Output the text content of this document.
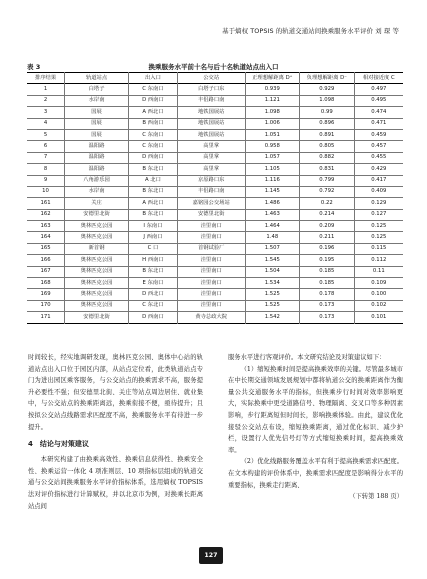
基于熵权 TOPSIS 的轨道交通站间换乘服务水平评价 刘 琛 等
表 3	换乘服务水平前十名与后十名轨道站点出入口
排序结果	轨道站点	出入口	公交站	正理想解距离 D⁺	负理想解距离 D⁻	相对接近度 C
1	白塔子	C 东南口	白塔子口东	0.939	0.929	0.497
2	水岸南	D 西南口	丰侣路口南	1.121	1.098	0.495
3	国展	A 西北口	地铁国展站	1.098	0.99	0.474
4	国展	B 西南口	地铁国展站	1.006	0.896	0.471
5	国展	C 东南口	地铁国展站	1.051	0.891	0.459
6	温阳路	C 东南口	高里掌	0.958	0.805	0.457
7	温阳路	D 西南口	高里掌	1.057	0.882	0.455
8	温阳路	B 东北口	高里掌	1.105	0.831	0.429
9	八角游乐园	A 北口	京原路口东	1.116	0.799	0.417
10	水岸南	B 东北口	丰侣路口南	1.145	0.792	0.409
161	关庄	A 西北口	嘉铭园公交场站	1.486	0.22	0.129
162	安德里北街	B 东北口	安德里北街	1.463	0.214	0.127
163	奥林匹克公园	I 东南口	洼里南口	1.464	0.209	0.125
164	奥林匹克公园	J 西南口	洼里南口	1.48	0.211	0.125
165	新首钢	C 口	首钢试验厂	1.507	0.196	0.115
166	奥林匹克公园	H 西南口	洼里南口	1.545	0.195	0.112
167	奥林匹克公园	B 东北口	洼里南口	1.504	0.185	0.11
168	奥林匹克公园	E 东南口	洼里南口	1.534	0.185	0.109
169	奥林匹克公园	D 西北口	洼里南口	1.525	0.178	0.100
170	奥林匹克公园	C 东北口	洼里南口	1.525	0.173	0.102
171	安德里北街	D 西南口	黄寺总政大院	1.542	0.173	0.101

时间较长，经实地调研发现，奥林匹克公园、奥体中心站的轨道站点出入口位于园区内部，从站点定位看，此类轨道站点专门为进出园区乘客服务，与公交站点的换乘需求不高，服务提升必要性不强；但安德里北街、关庄等站点周边居住、就业集中，与公交站点的换乘距离远，换乘衔接不便，亟待提升；且按拟公交站点线路需求匹配度不高，换乘服务水平有待进一步提升。

4　结论与对策建议

本研究构建了由换乘高效性、换乘信息获得性、换乘安全性、换乘运营一体化 4 项准则层、10 项指标层组成的轨道交通与公交站间换乘服务水平评价指标体系，选用熵权 TOPSIS 法对评价指标进行计算赋权，并以北京市为例，对换乘长距离站点间

服务水平进行客观评价。本文研究结论及对策建议如下：

（1）缩短换乘时间是提高换乘效率的关键。尽管最多城市在中长期交通领域发展规划中都将轨道公交的换乘距离作为衡量公共交通服务水平的指标，但换乘步行时间对效率影响更大，实际换乘中更受道路信号、物理隔离、交叉口等多种因素影响，步行距离短但时间长，影响换乘体验。由此，建议优化接驳公交站点布设，缩短换乘距离，通过优化标识、减少护栏，设置行人优先信号灯等方式缩短换乘时间，提高换乘效率。

（2）优化线路服务覆盖水平有利于提高换乘需求匹配度。在文本构建的评价体系中，换乘需求匹配度是影响得分水平的重要指标，换乘走行距离、

（下转第 188 页）

127
